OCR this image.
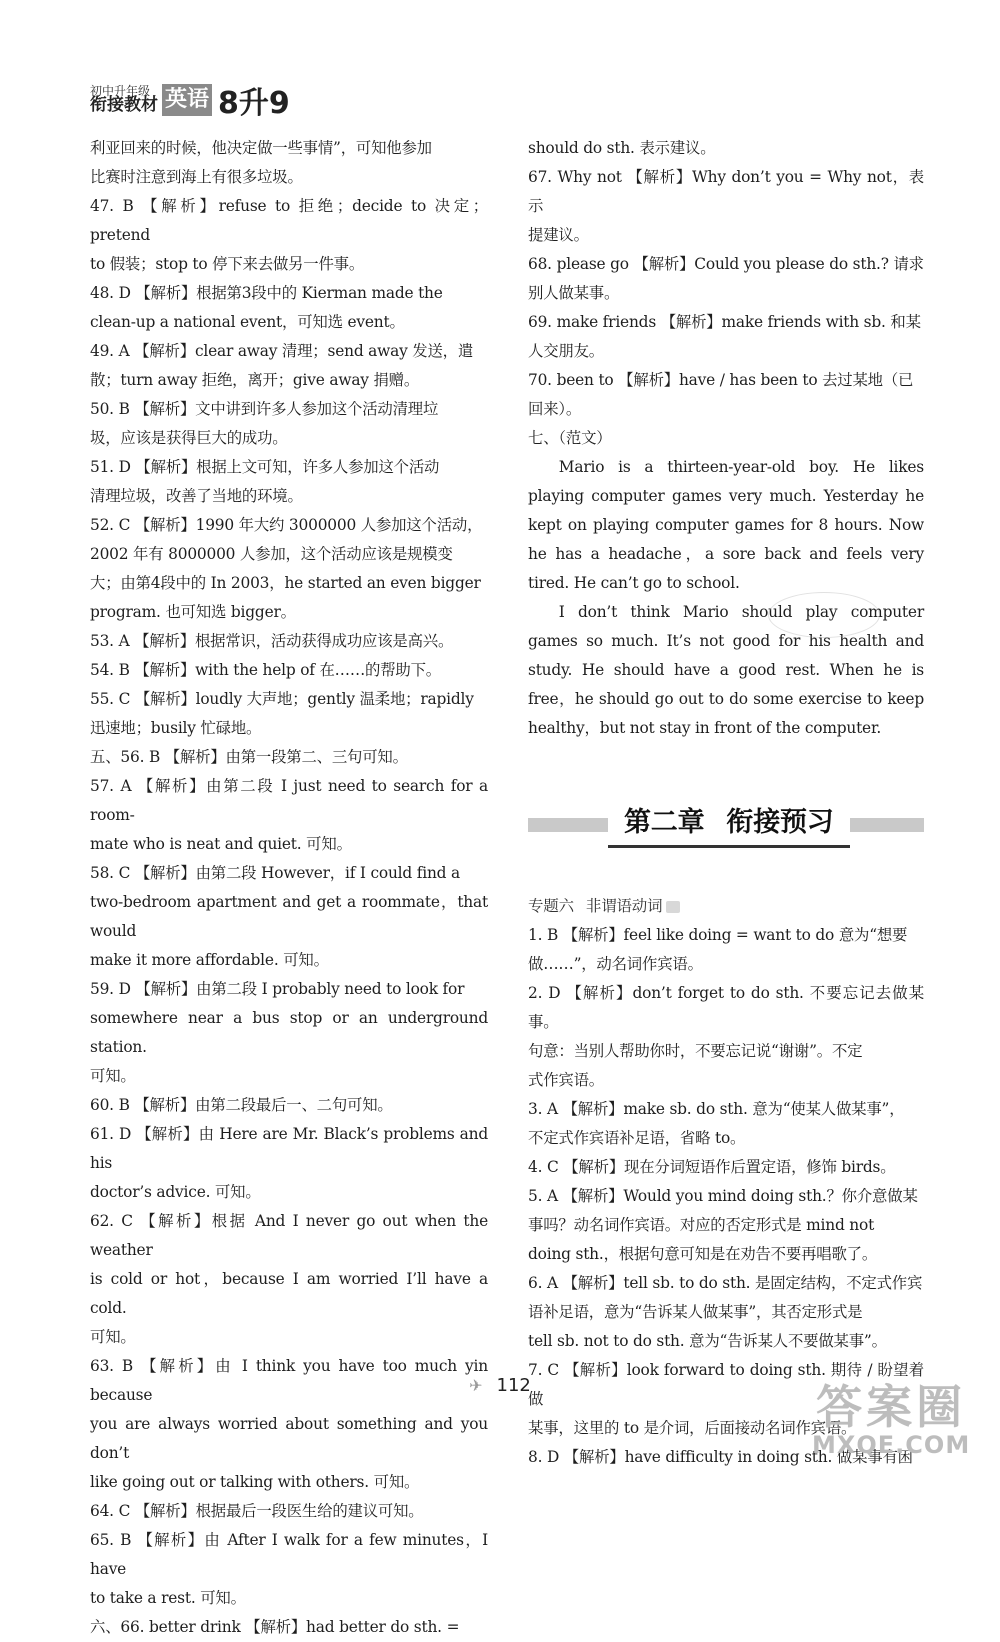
初中升年级
衔接教材 英语 8升9

利亚回来的时候，他决定做一些事情”，可知他参加

比赛时注意到海上有很多垃圾。

47. B 【解析】refuse to 拒绝；decide to 决定；pretend

to 假装；stop to 停下来去做另一件事。

48. D 【解析】根据第3段中的 Kierman made the

clean-up a national event，可知选 event。

49. A 【解析】clear away 清理；send away 发送，遣

散；turn away 拒绝，离开；give away 捐赠。

50. B 【解析】文中讲到许多人参加这个活动清理垃

圾，应该是获得巨大的成功。

51. D 【解析】根据上文可知，许多人参加这个活动

清理垃圾，改善了当地的环境。

52. C 【解析】1990 年大约 3000000 人参加这个活动，

2002 年有 8000000 人参加，这个活动应该是规模变

大；由第4段中的 In 2003，he started an even bigger

program. 也可知选 bigger。

53. A 【解析】根据常识，活动获得成功应该是高兴。

54. B 【解析】with the help of 在……的帮助下。

55. C 【解析】loudly 大声地；gently 温柔地；rapidly

迅速地；busily 忙碌地。

五、56. B 【解析】由第一段第二、三句可知。

57. A 【解析】由第二段 I just need to search for a room-

mate who is neat and quiet. 可知。

58. C 【解析】由第二段 However，if I could find a

two-bedroom apartment and get a roommate，that would

make it more affordable. 可知。

59. D 【解析】由第二段 I probably need to look for

somewhere near a bus stop or an underground station.

可知。

60. B 【解析】由第二段最后一、二句可知。

61. D 【解析】由 Here are Mr. Black’s problems and his

doctor’s advice. 可知。

62. C 【解析】根据 And I never go out when the weather

is cold or hot，because I am worried I’ll have a cold.

可知。

63. B 【解析】由 I think you have too much yin because

you are always worried about something and you don’t

like going out or talking with others. 可知。

64. C 【解析】根据最后一段医生给的建议可知。

65. B 【解析】由 After I walk for a few minutes，I have

to take a rest. 可知。

六、66. better drink 【解析】had better do sth. =

should do sth. 表示建议。

67. Why not 【解析】Why don’t you = Why not，表示

提建议。

68. please go 【解析】Could you please do sth.? 请求

别人做某事。

69. make friends 【解析】make friends with sb. 和某

人交朋友。

70. been to 【解析】have / has been to 去过某地（已

回来）。

七、（范文）

Mario is a thirteen-year-old boy. He likes playing computer games very much. Yesterday he kept on playing computer games for 8 hours. Now he has a headache，a sore back and feels very tired. He can’t go to school.

I don’t think Mario should play computer games so much. It’s not good for his health and study. He should have a good rest. When he is free，he should go out to do some exercise to keep healthy，but not stay in front of the computer.

第二章 衔接预习
专题六 非谓语动词

1. B 【解析】feel like doing = want to do 意为“想要

做……”，动名词作宾语。

2. D 【解析】don’t forget to do sth. 不要忘记去做某事。

句意：当别人帮助你时，不要忘记说“谢谢”。不定

式作宾语。

3. A 【解析】make sb. do sth. 意为“使某人做某事”，

不定式作宾语补足语，省略 to。

4. C 【解析】现在分词短语作后置定语，修饰 birds。

5. A 【解析】Would you mind doing sth.？你介意做某

事吗？动名词作宾语。对应的否定形式是 mind not

doing sth.，根据句意可知是在劝告不要再唱歌了。

6. A 【解析】tell sb. to do sth. 是固定结构，不定式作宾

语补足语，意为“告诉某人做某事”，其否定形式是

tell sb. not to do sth. 意为“告诉某人不要做某事”。

7. C 【解析】look forward to doing sth. 期待 / 盼望着做

某事，这里的 to 是介词，后面接动名词作宾语。

8. D 【解析】have difficulty in doing sth. 做某事有困

✈ 112	答案圈
MXQE.COM
